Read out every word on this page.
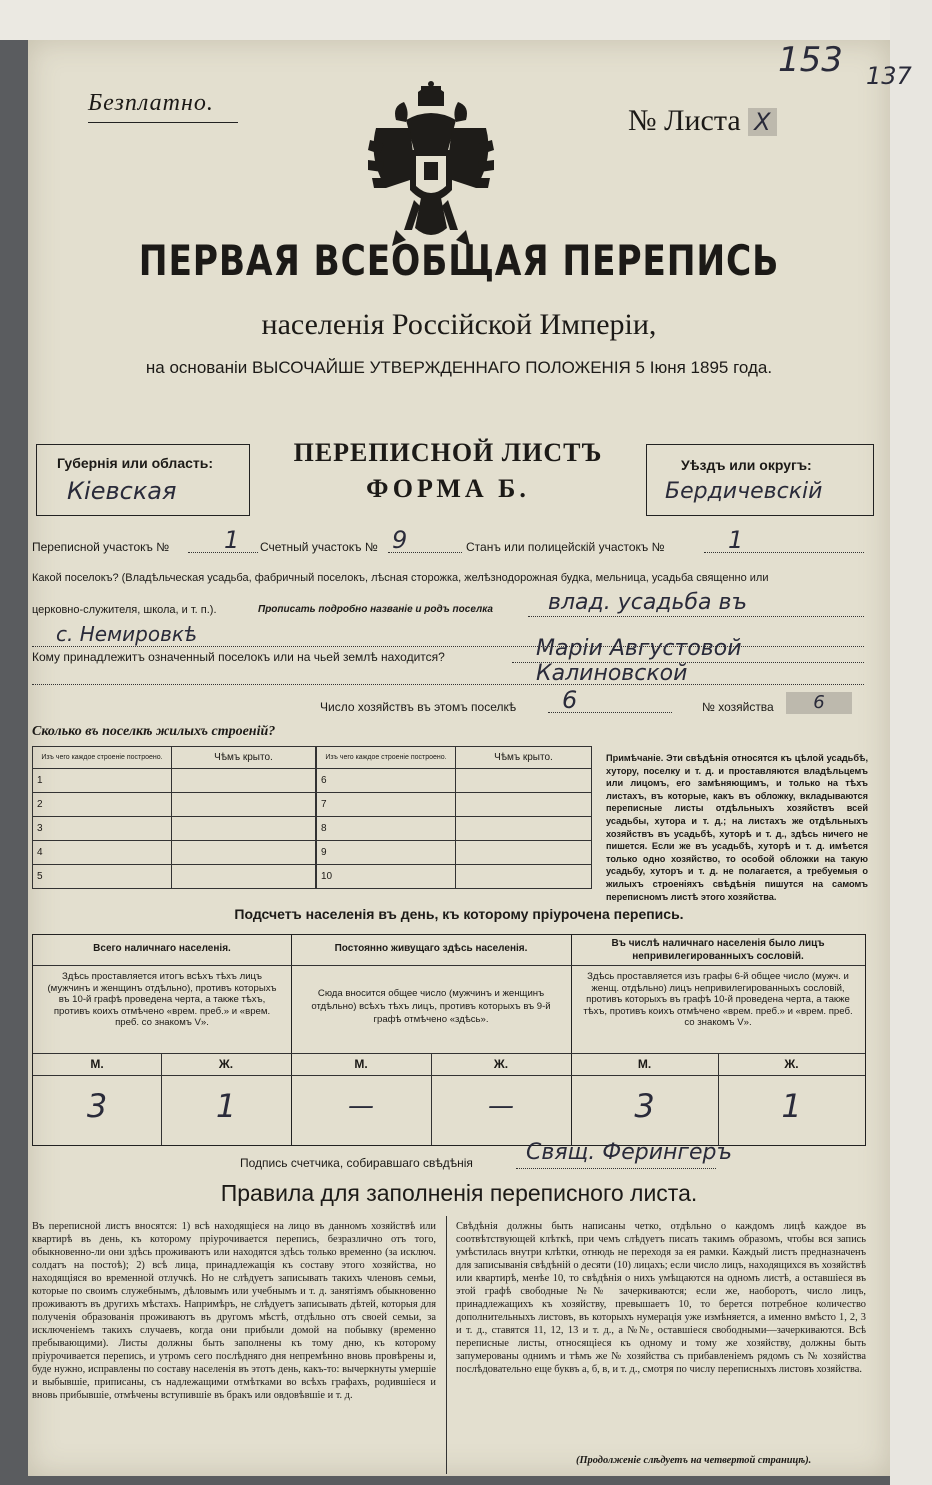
Безплатно.
№ Листа X
153 137
ПЕРВАЯ ВСЕОБЩАЯ ПЕРЕПИСЬ
населенія Россійской Имперіи,
на основаніи ВЫСОЧАЙШЕ УТВЕРЖДЕННАГО ПОЛОЖЕНІЯ 5 Іюня 1895 года.
Губернія или область:
Кіевская
ПЕРЕПИСНОЙ ЛИСТЪ
ФОРМА Б.
Уѣздъ или округъ:
Бердичевскій
Переписной участокъ № 1 Счетный участокъ № 9	Станъ или полицейскій участокъ №	1
Какой поселокъ? (Владѣльческая усадьба, фабричный поселокъ, лѣсная сторожка, желѣзнодорожная будка, мельница, усадьба священно или
церковно-служителя, школа, и т. п.).	Прописать подробно названіе и родъ поселка	влад. усадьба въ
с. Немировкѣ
Кому принадлежитъ означенный поселокъ или на чьей землѣ находится?	Маріи Августовой Калиновской
Число хозяйствъ въ этомъ поселкѣ 6	№ хозяйства	6
Сколько въ поселкѣ жилыхъ строеній?
Изъ чего каждое строеніе построено.	Чѣмъ крыто.
1	
2	
3	
4	
5	
Изъ чего каждое строеніе построено.	Чѣмъ крыто.
6	
7	
8	
9	
10	
Примѣчаніе. Эти свѣдѣнія относятся къ цѣлой усадьбѣ, хутору, поселку и т. д. и проставляются владѣльцемъ или лицомъ, его замѣняющимъ, и только на тѣхъ листахъ, въ которые, какъ въ обложку, вкладываются переписные листы отдѣльныхъ хозяйствъ всей усадьбы, хутора и т. д.; на листахъ же отдѣльныхъ хозяйствъ въ усадьбѣ, хуторѣ и т. д., здѣсь ничего не пишется. Если же въ усадьбѣ, хуторѣ и т. д. имѣется только одно хозяйство, то особой обложки на такую усадьбу, хуторъ и т. д. не полагается, а требуемыя о жилыхъ строеніяхъ свѣдѣнія пишутся на самомъ переписномъ листѣ этого хозяйства.
Подсчетъ населенія въ день, къ которому пріурочена перепись.
Всего наличнаго населенія.	Постоянно живущаго здѣсь населенія.	Въ числѣ наличнаго населенія было лицъ непривилегированныхъ сословій.
Здѣсь проставляется итогъ всѣхъ тѣхъ лицъ (мужчинъ и женщинъ отдѣльно), противъ которыхъ въ 10-й графѣ проведена черта, а также тѣхъ, противъ коихъ отмѣчено «врем. преб.» и «врем. преб. со знакомъ V».
Сюда вносится общее число (мужчинъ и женщинъ отдѣльно) всѣхъ тѣхъ лицъ, противъ которыхъ въ 9-й графѣ отмѣчено «здѣсь».
Здѣсь проставляется изъ графы 6-й общее число (мужч. и женщ. отдѣльно) лицъ непривилегированныхъ сословій, противъ которыхъ въ графѣ 10-й проведена черта, а также тѣхъ, противъ коихъ отмѣчено «врем. преб.» и «врем. преб. со знакомъ V».
М.	Ж.	М.	Ж.	М.	Ж.
3	1	—	—	3	1
Подпись счетчика, собиравшаго свѣдѣнія Свящ. Ферингеръ
Правила для заполненія переписного листа.
Въ переписной листъ вносятся: 1) всѣ находящіеся на лицо въ данномъ хозяйствѣ или квартирѣ въ день, къ которому пріурочивается перепись, безразлично отъ того, обыкновенно-ли они здѣсь проживаютъ или находятся здѣсь только временно (за исключ. солдатъ на постоѣ); 2) всѣ лица, принадлежащія къ составу этого хозяйства, но находящіяся во временной отлучкѣ. Но не слѣдуетъ записывать такихъ членовъ семьи, которые по своимъ служебнымъ, дѣловымъ или учебнымъ и т. д. занятіямъ обыкновенно проживаютъ въ другихъ мѣстахъ. Напримѣръ, не слѣдуетъ записывать дѣтей, которыя для полученія образованія проживаютъ въ другомъ мѣстѣ, отдѣльно отъ своей семьи, за исключеніемъ такихъ случаевъ, когда они прибыли домой на побывку (временно пребывающими). Листы должны быть заполнены къ тому дню, къ которому пріурочивается перепись, и утромъ сего послѣдняго дня непремѣнно вновь провѣрены и, буде нужно, исправлены по составу населенія въ этотъ день, какъ-то: вычеркнуты умершіе и выбывшіе, приписаны, съ надлежащими отмѣтками во всѣхъ графахъ, родившіеся и вновь прибывшіе, отмѣчены вступившіе въ бракъ или овдовѣвшіе и т. д.
Свѣдѣнія должны быть написаны четко, отдѣльно о каждомъ лицѣ каждое въ соотвѣтствующей клѣткѣ, при чемъ слѣдуетъ писать такимъ образомъ, чтобы вся запись умѣстилась внутри клѣтки, отнюдь не переходя за ея рамки. Каждый листъ предназначенъ для записыванія свѣдѣній о десяти (10) лицахъ; если число лицъ, находящихся въ хозяйствѣ или квартирѣ, менѣе 10, то свѣдѣнія о нихъ умѣщаются на одномъ листѣ, а оставшіеся въ этой графѣ свободные №№ зачеркиваются; если же, наоборотъ, число лицъ, принадлежащихъ къ хозяйству, превышаетъ 10, то берется потребное количество дополнительныхъ листовъ, въ которыхъ нумерація уже измѣняется, а именно вмѣсто 1, 2, 3 и т. д., ставятся 11, 12, 13 и т. д., а №№, оставшіеся свободными—зачеркиваются. Всѣ переписные листы, относящіеся къ одному и тому же хозяйству, должны быть запумерованы однимъ и тѣмъ же № хозяйства съ прибавленіемъ рядомъ съ № хозяйства послѣдовательно еще буквъ а, б, в, и т. д., смотря по числу переписныхъ листовъ хозяйства.
(Продолженіе слѣдуетъ на четвертой страницѣ).
